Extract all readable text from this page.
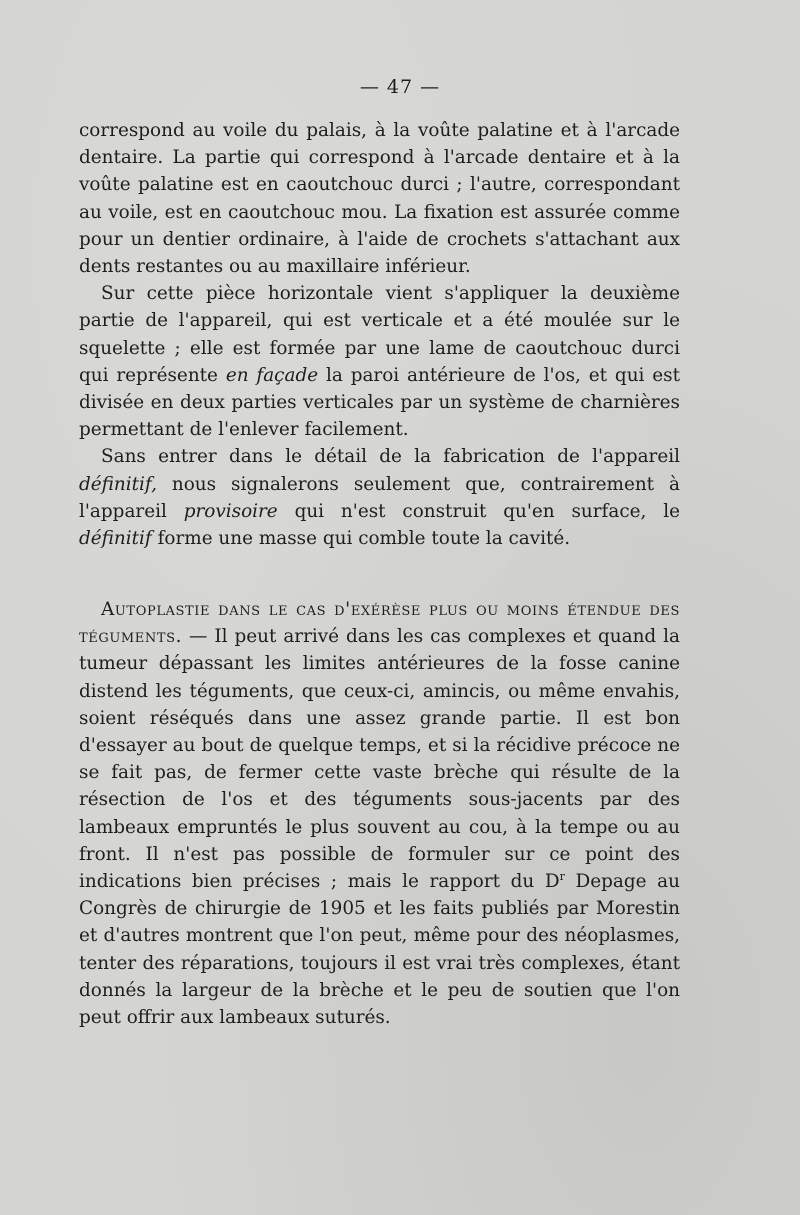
— 47 —

correspond au voile du palais, à la voûte palatine et à l'arcade dentaire. La partie qui correspond à l'arcade dentaire et à la voûte palatine est en caoutchouc durci ; l'autre, correspondant au voile, est en caoutchouc mou. La fixation est assurée comme pour un dentier ordinaire, à l'aide de crochets s'attachant aux dents restantes ou au maxillaire inférieur.

Sur cette pièce horizontale vient s'appliquer la deuxième partie de l'appareil, qui est verticale et a été moulée sur le squelette ; elle est formée par une lame de caoutchouc durci qui représente en façade la paroi antérieure de l'os, et qui est divisée en deux parties verticales par un système de charnières permettant de l'enlever facilement.

Sans entrer dans le détail de la fabrication de l'appareil définitif, nous signalerons seulement que, contrairement à l'appareil provisoire qui n'est construit qu'en surface, le définitif forme une masse qui comble toute la cavité.

Autoplastie dans le cas d'exérèse plus ou moins étendue des téguments. — Il peut arrivé dans les cas complexes et quand la tumeur dépassant les limites antérieures de la fosse canine distend les téguments, que ceux-ci, amincis, ou même envahis, soient réséqués dans une assez grande partie. Il est bon d'essayer au bout de quelque temps, et si la récidive précoce ne se fait pas, de fermer cette vaste brèche qui résulte de la résection de l'os et des téguments sous-jacents par des lambeaux empruntés le plus souvent au cou, à la tempe ou au front. Il n'est pas possible de formuler sur ce point des indications bien précises ; mais le rapport du $D^r$ Depage au Congrès de chirurgie de 1905 et les faits publiés par Morestin et d'autres montrent que l'on peut, même pour des néoplasmes, tenter des réparations, toujours il est vrai très complexes, étant donnés la largeur de la brèche et le peu de soutien que l'on peut offrir aux lambeaux suturés.
